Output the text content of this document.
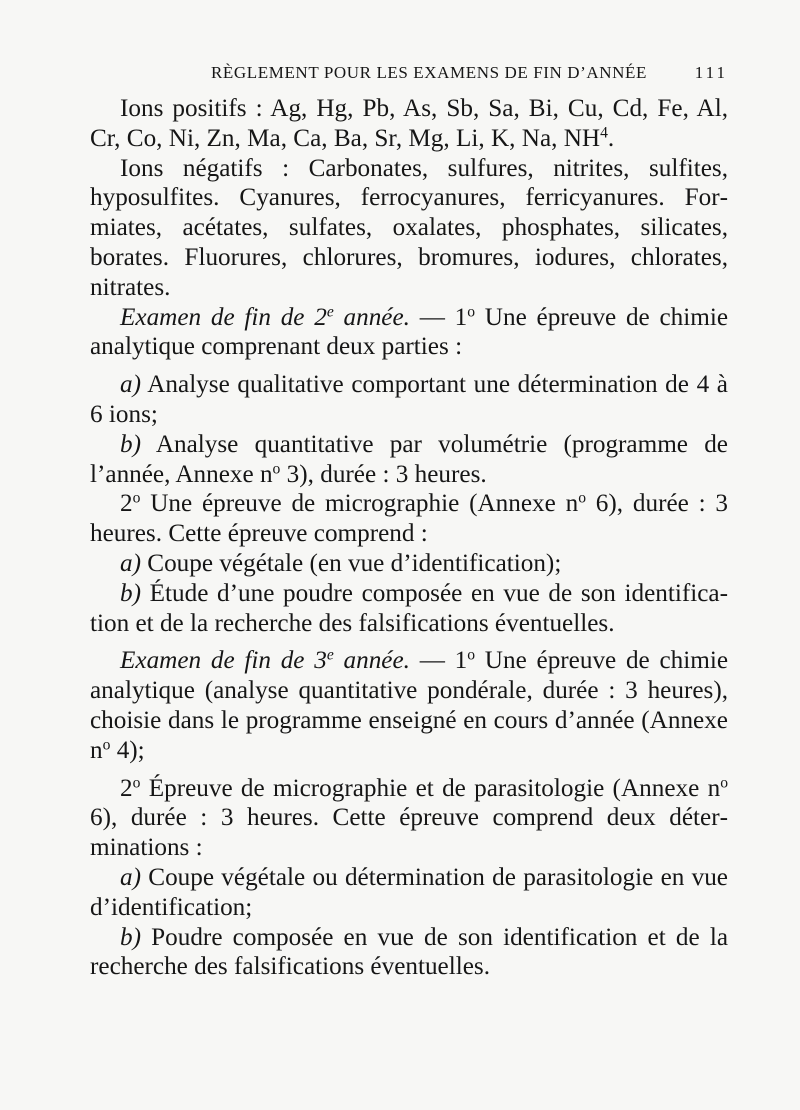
RÈGLEMENT POUR LES EXAMENS DE FIN D’ANNÉE	111

Ions positifs : Ag, Hg, Pb, As, Sb, Sa, Bi, Cu, Cd, Fe, Al, Cr, Co, Ni, Zn, Ma, Ca, Ba, Sr, Mg, Li, K, Na, $NH^4$.

Ions négatifs : Carbonates, sulfures, nitrites, sulfites, hyposulfites. Cyanures, ferrocyanures, ferricyanures. Formiates, acétates, sulfates, oxalates, phosphates, silicates, borates. Fluorures, chlorures, bromures, iodures, chlorates, nitrates.

Examen de fin de 2e année. — 1$^o$ Une épreuve de chimie analytique comprenant deux parties :

a) Analyse qualitative comportant une détermination de 4 à 6 ions;

b) Analyse quantitative par volumétrie (programme de l’année, Annexe $n^o$ 3), durée : 3 heures.

2$^o$ Une épreuve de micrographie (Annexe $n^o$ 6), durée : 3 heures. Cette épreuve comprend :

a) Coupe végétale (en vue d’identification);

b) Étude d’une poudre composée en vue de son identification et de la recherche des falsifications éventuelles.

Examen de fin de 3e année. — 1$^o$ Une épreuve de chimie analytique (analyse quantitative pondérale, durée : 3 heures), choisie dans le programme enseigné en cours d’année (Annexe $n^o$ 4);

2$^o$ Épreuve de micrographie et de parasitologie (Annexe $n^o$ 6), durée : 3 heures. Cette épreuve comprend deux déterminations :

a) Coupe végétale ou détermination de parasitologie en vue d’identification;

b) Poudre composée en vue de son identification et de la recherche des falsifications éventuelles.
